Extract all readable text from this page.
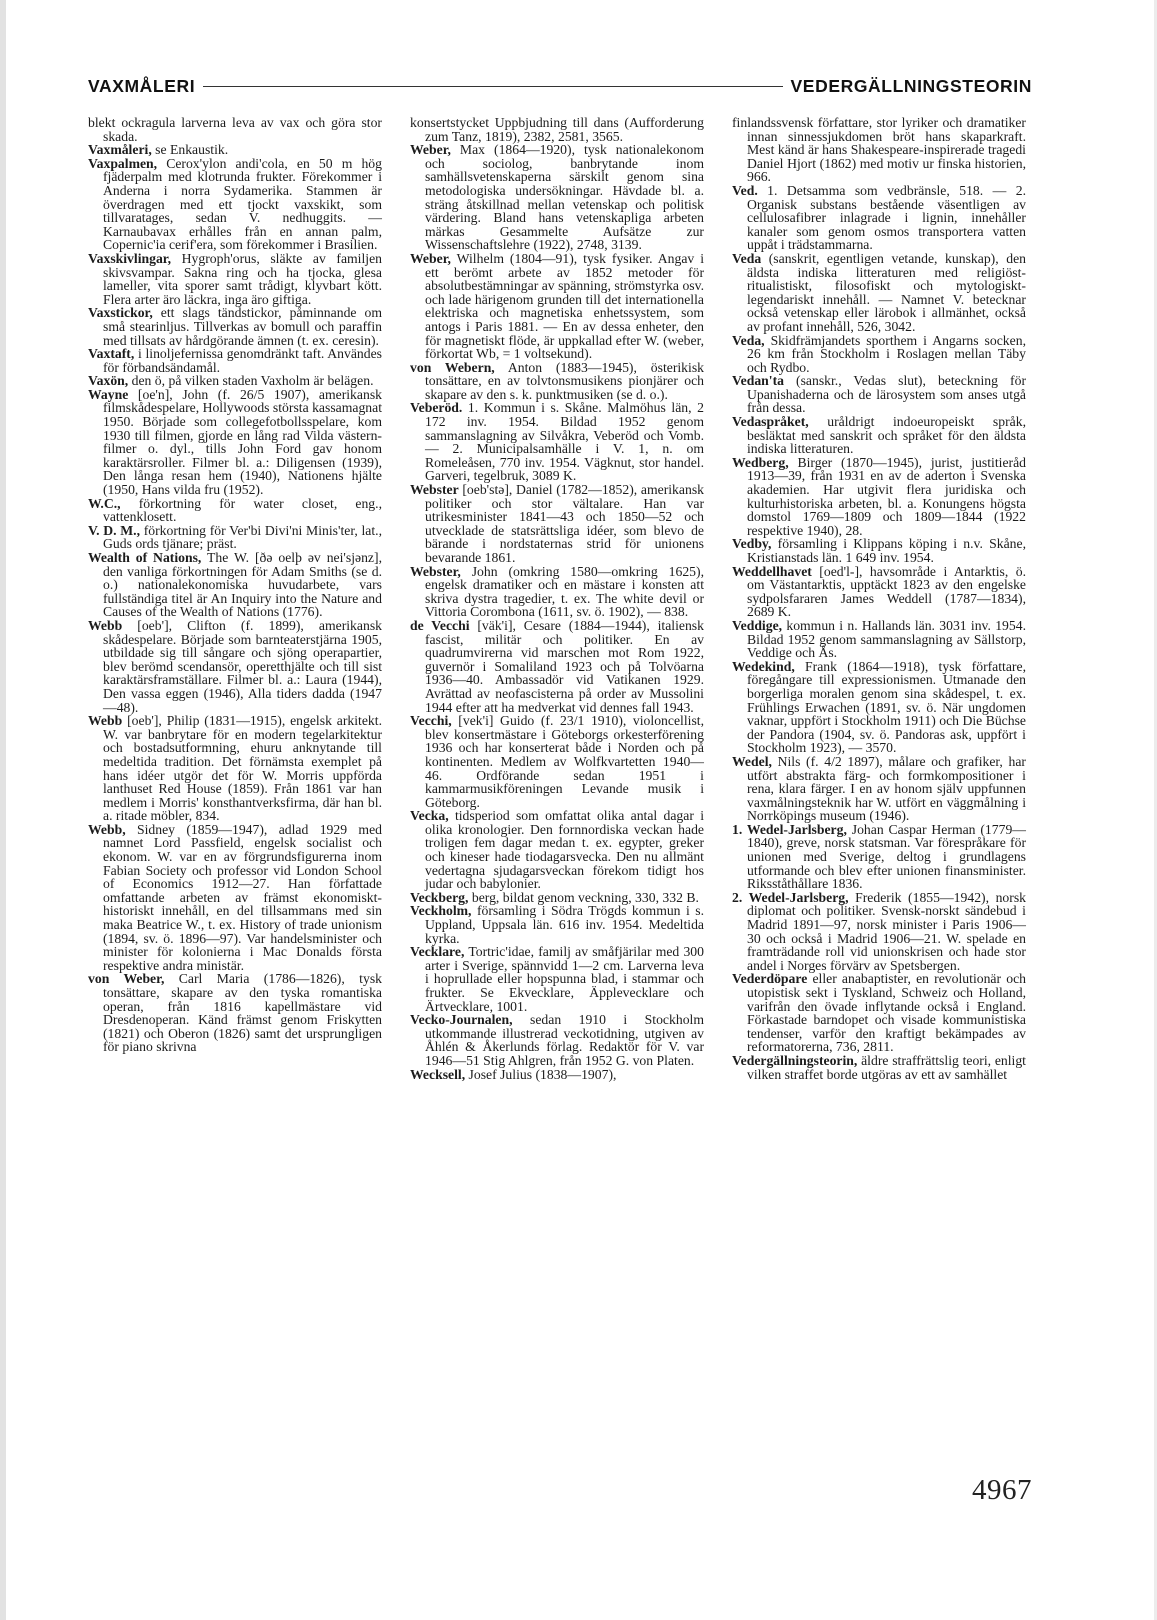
VAXMÅLERI	VEDERGÄLLNINGSTEORIN

blekt ockragula larverna leva av vax och göra stor skada.

Vaxmåleri, se Enkaustik.

Vaxpalmen, Cerox'ylon andi'cola, en 50 m hög fjäderpalm med klotrunda frukter. Förekommer i Anderna i norra Sydamerika. Stammen är överdragen med ett tjockt vaxskikt, som tillvaratages, sedan V. nedhuggits. — Karnaubavax erhålles från en annan palm, Copernic'ia cerif'era, som förekommer i Brasilien.

Vaxskivlingar, Hygroph'orus, släkte av familjen skivsvampar. Sakna ring och ha tjocka, glesa lameller, vita sporer samt trådigt, klyvbart kött. Flera arter äro läckra, inga äro giftiga.

Vaxstickor, ett slags tändstickor, påminnande om små stearinljus. Tillverkas av bomull och paraffin med tillsats av hårdgörande ämnen (t. ex. ceresin).

Vaxtaft, i linoljefernissa genomdränkt taft. Användes för förbandsändamål.

Vaxön, den ö, på vilken staden Vaxholm är belägen.

Wayne [oe'n], John (f. 26/5 1907), amerikansk filmskådespelare, Hollywoods största kassamagnat 1950. Började som collegefotbollsspelare, kom 1930 till filmen, gjorde en lång rad Vilda västern-filmer o. dyl., tills John Ford gav honom karaktärsroller. Filmer bl. a.: Diligensen (1939), Den långa resan hem (1940), Nationens hjälte (1950, Hans vilda fru (1952).

W.C., förkortning för water closet, eng., vattenklosett.

V. D. M., förkortning för Ver'bi Divi'ni Minis'ter, lat., Guds ords tjänare; präst.

Wealth of Nations, The W. [ðə oelþ əv nei'sjənz], den vanliga förkortningen för Adam Smiths (se d. o.) nationalekonomiska huvudarbete, vars fullständiga titel är An Inquiry into the Nature and Causes of the Wealth of Nations (1776).

Webb [oeb'], Clifton (f. 1899), amerikansk skådespelare. Började som barnteaterstjärna 1905, utbildade sig till sångare och sjöng operapartier, blev berömd scendansör, operetthjälte och till sist karaktärsframställare. Filmer bl. a.: Laura (1944), Den vassa eggen (1946), Alla tiders dadda (1947—48).

Webb [oeb'], Philip (1831—1915), engelsk arkitekt. W. var banbrytare för en modern tegelarkitektur och bostadsutformning, ehuru anknytande till medeltida tradition. Det förnämsta exemplet på hans idéer utgör det för W. Morris uppförda lanthuset Red House (1859). Från 1861 var han medlem i Morris' konsthantverksfirma, där han bl. a. ritade möbler, 834.

Webb, Sidney (1859—1947), adlad 1929 med namnet Lord Passfield, engelsk socialist och ekonom. W. var en av förgrundsfigurerna inom Fabian Society och professor vid London School of Economics 1912—27. Han författade omfattande arbeten av främst ekonomiskt-historiskt innehåll, en del tillsammans med sin maka Beatrice W., t. ex. History of trade unionism (1894, sv. ö. 1896—97). Var handelsminister och minister för kolonierna i Mac Donalds första respektive andra ministär.

von Weber, Carl Maria (1786—1826), tysk tonsättare, skapare av den tyska romantiska operan, från 1816 kapellmästare vid Dresdenoperan. Känd främst genom Friskytten (1821) och Oberon (1826) samt det ursprungligen för piano skrivna

konsertstycket Uppbjudning till dans (Aufforderung zum Tanz, 1819), 2382, 2581, 3565.

Weber, Max (1864—1920), tysk nationalekonom och sociolog, banbrytande inom samhällsvetenskaperna särskilt genom sina metodologiska undersökningar. Hävdade bl. a. sträng åtskillnad mellan vetenskap och politisk värdering. Bland hans vetenskapliga arbeten märkas Gesammelte Aufsätze zur Wissenschaftslehre (1922), 2748, 3139.

Weber, Wilhelm (1804—91), tysk fysiker. Angav i ett berömt arbete av 1852 metoder för absolutbestämningar av spänning, strömstyrka osv. och lade härigenom grunden till det internationella elektriska och magnetiska enhetssystem, som antogs i Paris 1881. — En av dessa enheter, den för magnetiskt flöde, är uppkallad efter W. (weber, förkortat Wb, = 1 voltsekund).

von Webern, Anton (1883—1945), österikisk tonsättare, en av tolvtonsmusikens pionjärer och skapare av den s. k. punktmusiken (se d. o.).

Veberöd. 1. Kommun i s. Skåne. Malmöhus län, 2 172 inv. 1954. Bildad 1952 genom sammanslagning av Silvåkra, Veberöd och Vomb. — 2. Municipalsamhälle i V. 1, n. om Romeleåsen, 770 inv. 1954. Vägknut, stor handel. Garveri, tegelbruk, 3089 K.

Webster [oeb'stə], Daniel (1782—1852), amerikansk politiker och stor vältalare. Han var utrikesminister 1841—43 och 1850—52 och utvecklade de statsrättsliga idéer, som blevo de bärande i nordstaternas strid för unionens bevarande 1861.

Webster, John (omkring 1580—omkring 1625), engelsk dramatiker och en mästare i konsten att skriva dystra tragedier, t. ex. The white devil or Vittoria Corombona (1611, sv. ö. 1902), — 838.

de Vecchi [väk'i], Cesare (1884—1944), italiensk fascist, militär och politiker. En av quadrumvirerna vid marschen mot Rom 1922, guvernör i Somaliland 1923 och på Tolvöarna 1936—40. Ambassadör vid Vatikanen 1929. Avrättad av neofascisterna på order av Mussolini 1944 efter att ha medverkat vid dennes fall 1943.

Vecchi, [vek'i] Guido (f. 23/1 1910), violoncellist, blev konsertmästare i Göteborgs orkesterförening 1936 och har konserterat både i Norden och på kontinenten. Medlem av Wolfkvartetten 1940—46. Ordförande sedan 1951 i kammarmusikföreningen Levande musik i Göteborg.

Vecka, tidsperiod som omfattat olika antal dagar i olika kronologier. Den fornnordiska veckan hade troligen fem dagar medan t. ex. egypter, greker och kineser hade tiodagarsvecka. Den nu allmänt vedertagna sjudagarsveckan förekom tidigt hos judar och babylonier.

Veckberg, berg, bildat genom veckning, 330, 332 B.

Veckholm, församling i Södra Trögds kommun i s. Uppland, Uppsala län. 616 inv. 1954. Medeltida kyrka.

Vecklare, Tortric'idae, familj av småfjärilar med 300 arter i Sverige, spännvidd 1—2 cm. Larverna leva i hoprullade eller hopspunna blad, i stammar och frukter. Se Ekvecklare, Äpplevecklare och Ärtvecklare, 1001.

Vecko-Journalen, sedan 1910 i Stockholm utkommande illustrerad veckotidning, utgiven av Åhlén & Åkerlunds förlag. Redaktör för V. var 1946—51 Stig Ahlgren, från 1952 G. von Platen.

Wecksell, Josef Julius (1838—1907),

finlandssvensk författare, stor lyriker och dramatiker innan sinnessjukdomen bröt hans skaparkraft. Mest känd är hans Shakespeare-inspirerade tragedi Daniel Hjort (1862) med motiv ur finska historien, 966.

Ved. 1. Detsamma som vedbränsle, 518. — 2. Organisk substans bestående väsentligen av cellulosafibrer inlagrade i lignin, innehåller kanaler som genom osmos transportera vatten uppåt i trädstammarna.

Veda (sanskrit, egentligen vetande, kunskap), den äldsta indiska litteraturen med religiöst-ritualistiskt, filosofiskt och mytologiskt-legendariskt innehåll. — Namnet V. betecknar också vetenskap eller lärobok i allmänhet, också av profant innehåll, 526, 3042.

Veda, Skidfrämjandets sporthem i Angarns socken, 26 km från Stockholm i Roslagen mellan Täby och Rydbo.

Vedan'ta (sanskr., Vedas slut), beteckning för Upanishaderna och de lärosystem som anses utgå från dessa.

Vedaspråket, uråldrigt indoeuropeiskt språk, besläktat med sanskrit och språket för den äldsta indiska litteraturen.

Wedberg, Birger (1870—1945), jurist, justitieråd 1913—39, från 1931 en av de aderton i Svenska akademien. Har utgivit flera juridiska och kulturhistoriska arbeten, bl. a. Konungens högsta domstol 1769—1809 och 1809—1844 (1922 respektive 1940), 28.

Vedby, församling i Klippans köping i n.v. Skåne, Kristianstads län. 1 649 inv. 1954.

Weddellhavet [oed'l-], havsområde i Antarktis, ö. om Västantarktis, upptäckt 1823 av den engelske sydpolsfararen James Weddell (1787—1834), 2689 K.

Veddige, kommun i n. Hallands län. 3031 inv. 1954. Bildad 1952 genom sammanslagning av Sällstorp, Veddige och Ås.

Wedekind, Frank (1864—1918), tysk författare, föregångare till expressionismen. Utmanade den borgerliga moralen genom sina skådespel, t. ex. Frühlings Erwachen (1891, sv. ö. När ungdomen vaknar, uppfört i Stockholm 1911) och Die Büchse der Pandora (1904, sv. ö. Pandoras ask, uppfört i Stockholm 1923), — 3570.

Wedel, Nils (f. 4/2 1897), målare och grafiker, har utfört abstrakta färg- och formkompositioner i rena, klara färger. I en av honom själv uppfunnen vaxmålningsteknik har W. utfört en väggmålning i Norrköpings museum (1946).

1. Wedel-Jarlsberg, Johan Caspar Herman (1779—1840), greve, norsk statsman. Var förespråkare för unionen med Sverige, deltog i grundlagens utformande och blev efter unionen finansminister. Riksståthållare 1836.

2. Wedel-Jarlsberg, Frederik (1855—1942), norsk diplomat och politiker. Svensk-norskt sändebud i Madrid 1891—97, norsk minister i Paris 1906—30 och också i Madrid 1906—21. W. spelade en framträdande roll vid unionskrisen och hade stor andel i Norges förvärv av Spetsbergen.

Vederdöpare eller anabaptister, en revolutionär och utopistisk sekt i Tyskland, Schweiz och Holland, varifrån den övade inflytande också i England. Förkastade barndopet och visade kommunistiska tendenser, varför den kraftigt bekämpades av reformatorerna, 736, 2811.

Vedergällningsteorin, äldre straffrättslig teori, enligt vilken straffet borde utgöras av ett av samhället

4967
